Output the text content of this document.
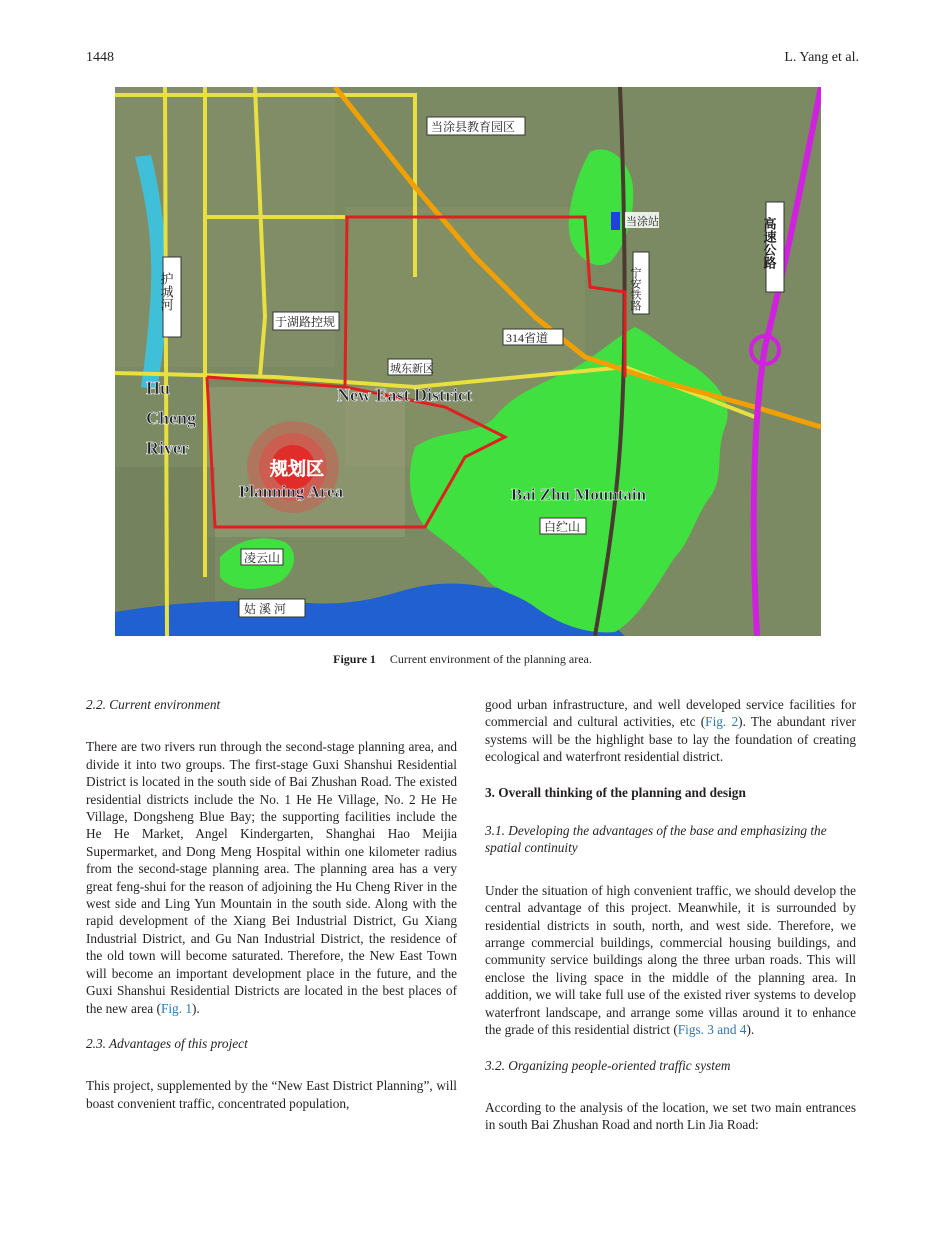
1448	L. Yang et al.
当涂县教育园区
当涂站
宁安铁路
高速公路
护城河
于湖路控规
314省道
城东新区
New East District
Hu
Cheng
River
规划区
Planning Area	Bai Zhu Mountain
白纻山
凌云山
姑 溪 河
Figure 1 Current environment of the planning area.

2.2. Current environment

There are two rivers run through the second-stage planning area, and divide it into two groups. The first-stage Guxi Shanshui Residential District is located in the south side of Bai Zhushan Road. The existed residential districts include the No. 1 He He Village, No. 2 He He Village, Dongsheng Blue Bay; the supporting facilities include the He He Market, Angel Kindergarten, Shanghai Hao Meijia Supermarket, and Dong Meng Hospital within one kilometer radius from the second-stage planning area. The planning area has a very great feng-shui for the reason of adjoining the Hu Cheng River in the west side and Ling Yun Mountain in the south side. Along with the rapid development of the Xiang Bei Industrial District, Gu Xiang Industrial District, and Gu Nan Industrial District, the residence of the old town will become saturated. Therefore, the New East Town will become an important development place in the future, and the Guxi Shanshui Residential Districts are located in the best places of the new area (Fig. 1).

2.3. Advantages of this project

This project, supplemented by the “New East District Planning”, will boast convenient traffic, concentrated population,

good urban infrastructure, and well developed service facilities for commercial and cultural activities, etc (Fig. 2). The abundant river systems will be the highlight base to lay the foundation of creating ecological and waterfront residential district.

3. Overall thinking of the planning and design

3.1. Developing the advantages of the base and emphasizing the spatial continuity

Under the situation of high convenient traffic, we should develop the central advantage of this project. Meanwhile, it is surrounded by residential districts in south, north, and west side. Therefore, we arrange commercial buildings, commercial housing buildings, and community service buildings along the three urban roads. This will enclose the living space in the middle of the planning area. In addition, we will take full use of the existed river systems to develop waterfront landscape, and arrange some villas around it to enhance the grade of this residential district (Figs. 3 and 4).

3.2. Organizing people-oriented traffic system

According to the analysis of the location, we set two main entrances in south Bai Zhushan Road and north Lin Jia Road:
